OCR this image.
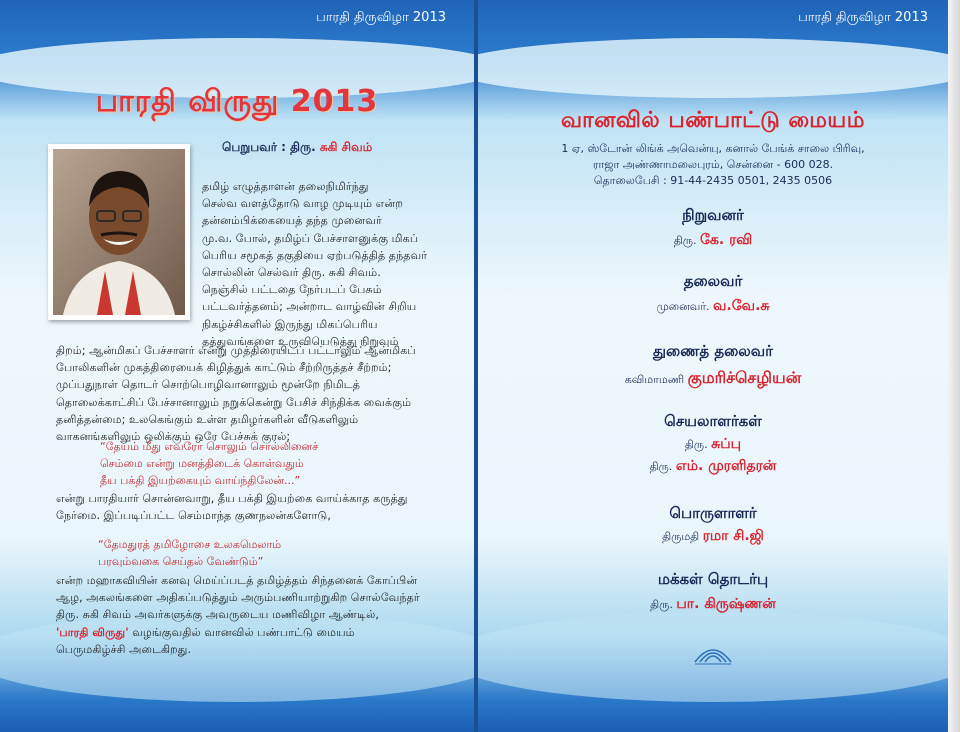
பாரதி திருவிழா 2013
பாரதி விருது 2013
பெறுபவர் : திரு. சுகி சிவம்
தமிழ் எழுத்தாளன் தலைநிமிர்ந்து
செல்வ வளத்தோடு வாழ முடியும் என்ற
தன்னம்பிக்கையைத் தந்த முனைவர்
மு.வ. போல், தமிழ்ப் பேச்சாளனுக்கு மிகப்
பெரிய சமூகத் தகுதியை ஏற்படுத்தித் தந்தவர்
சொல்லின் செல்வர் திரு. சுகி சிவம்.
நெஞ்சில் பட்டதை நேர்படப் பேசும்
பட்டவர்த்தனம்; அன்றாட வாழ்வின் சிறிய
நிகழ்ச்சிகளில் இருந்து மிகப்பெரிய
தத்துவங்களை உருவியெடுத்து நிறுவும்
திறம்; ஆன்மிகப் பேச்சாளர் என்று முத்திரையிடப் பட்டாலும் ஆன்மிகப்
போலிகளின் முகத்திரையைக் கிழித்துக் காட்டும் சீற்றிருத்தச் சீற்றம்;
முப்பதுநாள் தொடர் சொற்பொழிவானாலும் மூன்றே நிமிடத்
தொலைக்காட்சிப் பேச்சானாலும் நறுக்கென்று பேசிச் சிந்திக்க வைக்கும்
தனித்தன்மை; உலகெங்கும் உள்ள தமிழர்களின் வீடுகளிலும்
வாகனங்களிலும் ஒலிக்கும் ஒரே பேச்சுக் குரல்;
“தேயம் மீது எவரோ சொலும் சொல்லினைச்
செம்மை என்று மனத்திடைக் கொள்வதும்
தீய பக்தி இயற்கையும் வாய்ந்திலேன்...”
என்று பாரதியார் சொன்னவாறு, தீய பக்தி இயற்கை வாய்க்காத கருத்து
நேர்மை. இப்படிப்பட்ட செம்மாந்த குணநலன்களோடு,
“தேமதுரத் தமிழோசை உலகமெலாம்
பரவும்வகை செய்தல் வேண்டும்”
என்ற மஹாகவியின் கனவு மெய்ப்படத் தமிழ்த்தம் சிந்தனைக் கோப்பின்
ஆழ, அகலங்களை அதிகப்படுத்தும் அரும்பணியாற்றுகிற சொல்வேந்தர்
திரு. சுகி சிவம் அவர்களுக்கு அவருடைய மணிவிழா ஆண்டில்,
'பாரதி விருது' வழங்குவதில் வானவில் பண்பாட்டு மையம்
பெருமகிழ்ச்சி அடைகிறது.
பாரதி திருவிழா 2013
வானவில் பண்பாட்டு மையம்
1 ஏ, ஸ்டோன் லிங்க் அவென்யு, கனால் பேங்க் சாலை பிரிவு,
ராஜா அண்ணாமலைபுரம், சென்னை - 600 028.
தொலைபேசி : 91-44-2435 0501, 2435 0506
நிறுவனர்
திரு. கே. ரவி
தலைவர்
முனைவர். வ.வே.சு
துணைத் தலைவர்
கவிமாமணி குமரிச்செழியன்
செயலாளர்கள்
திரு. சுப்பு
திரு. எம். முரளிதரன்
பொருளாளர்
திருமதி ரமா சி.ஜி
மக்கள் தொடர்பு
திரு. பா. கிருஷ்ணன்
